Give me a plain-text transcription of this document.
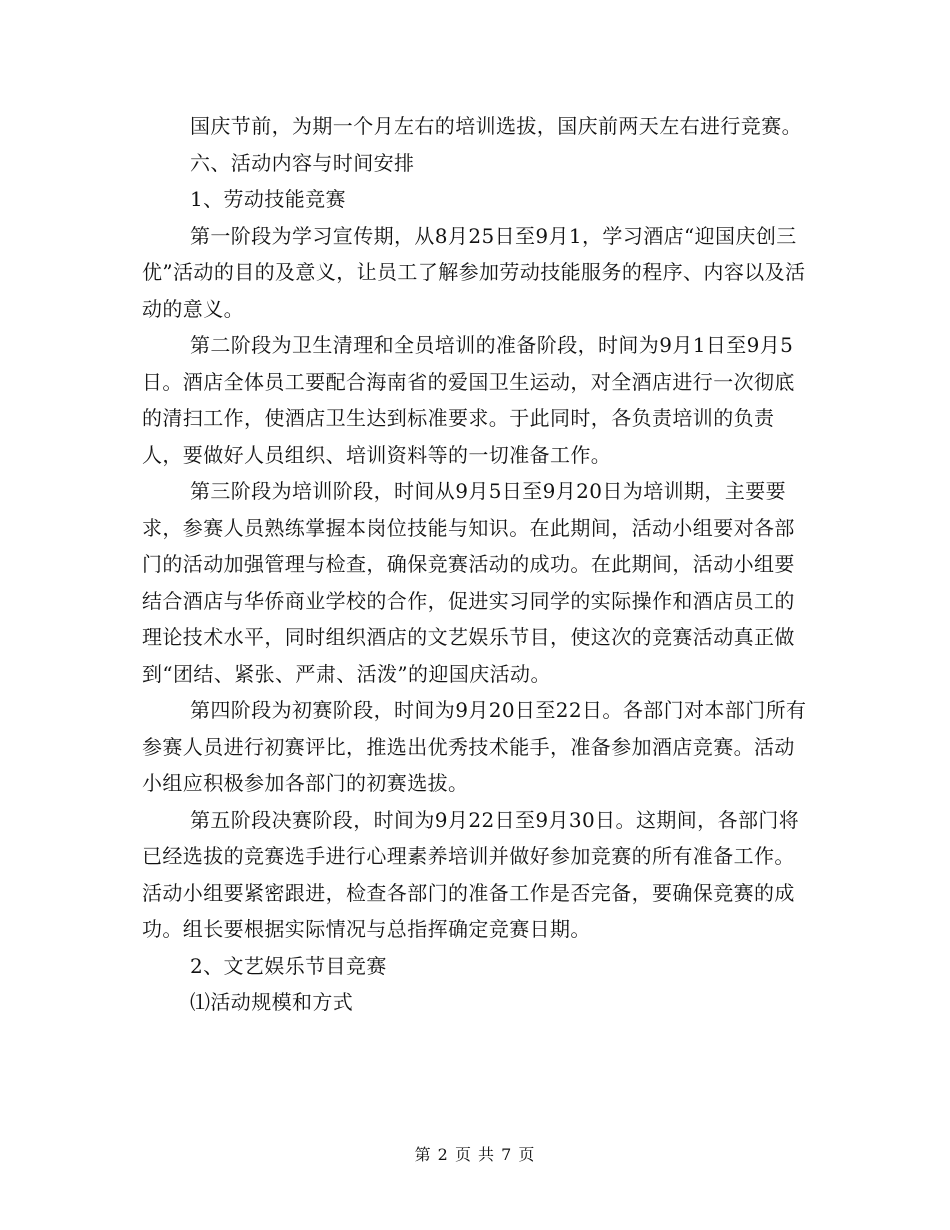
国庆节前，为期一个月左右的培训选拔，国庆前两天左右进行竞赛。

六、活动内容与时间安排

1、劳动技能竞赛

第一阶段为学习宣传期，从8月25日至9月1，学习酒店“迎国庆创三优”活动的目的及意义，让员工了解参加劳动技能服务的程序、内容以及活动的意义。

第二阶段为卫生清理和全员培训的准备阶段，时间为9月1日至9月5日。酒店全体员工要配合海南省的爱国卫生运动，对全酒店进行一次彻底的清扫工作，使酒店卫生达到标准要求。于此同时，各负责培训的负责人，要做好人员组织、培训资料等的一切准备工作。

第三阶段为培训阶段，时间从9月5日至9月20日为培训期，主要要求，参赛人员熟练掌握本岗位技能与知识。在此期间，活动小组要对各部门的活动加强管理与检查，确保竞赛活动的成功。在此期间，活动小组要结合酒店与华侨商业学校的合作，促进实习同学的实际操作和酒店员工的理论技术水平，同时组织酒店的文艺娱乐节目，使这次的竞赛活动真正做到“团结、紧张、严肃、活泼”的迎国庆活动。

第四阶段为初赛阶段，时间为9月20日至22日。各部门对本部门所有参赛人员进行初赛评比，推选出优秀技术能手，准备参加酒店竞赛。活动小组应积极参加各部门的初赛选拔。

第五阶段决赛阶段，时间为9月22日至9月30日。这期间，各部门将已经选拔的竞赛选手进行心理素养培训并做好参加竞赛的所有准备工作。活动小组要紧密跟进，检查各部门的准备工作是否完备，要确保竞赛的成功。组长要根据实际情况与总指挥确定竞赛日期。

2、文艺娱乐节目竞赛

⑴活动规模和方式

第 2 页 共 7 页
